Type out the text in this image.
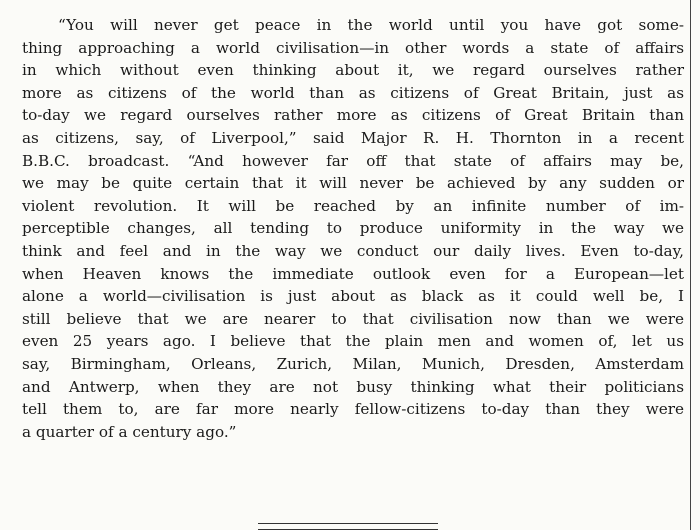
“You will never get peace in the world until you have got some-
thing approaching a world civilisation—in other words a state of affairs
in which without even thinking about it, we regard ourselves rather
more as citizens of the world than as citizens of Great Britain, just as
to-day we regard ourselves rather more as citizens of Great Britain than
as citizens, say, of Liverpool,” said Major R. H. Thornton in a recent
B.B.C. broadcast. “And however far off that state of affairs may be,
we may be quite certain that it will never be achieved by any sudden or
violent revolution. It will be reached by an infinite number of im-
perceptible changes, all tending to produce uniformity in the way we
think and feel and in the way we conduct our daily lives. Even to-day,
when Heaven knows the immediate outlook even for a European—let
alone a world—civilisation is just about as black as it could well be, I
still believe that we are nearer to that civilisation now than we were
even 25 years ago. I believe that the plain men and women of, let us
say, Birmingham, Orleans, Zurich, Milan, Munich, Dresden, Amsterdam
and Antwerp, when they are not busy thinking what their politicians
tell them to, are far more nearly fellow-citizens to-day than they were
a quarter of a century ago.”
